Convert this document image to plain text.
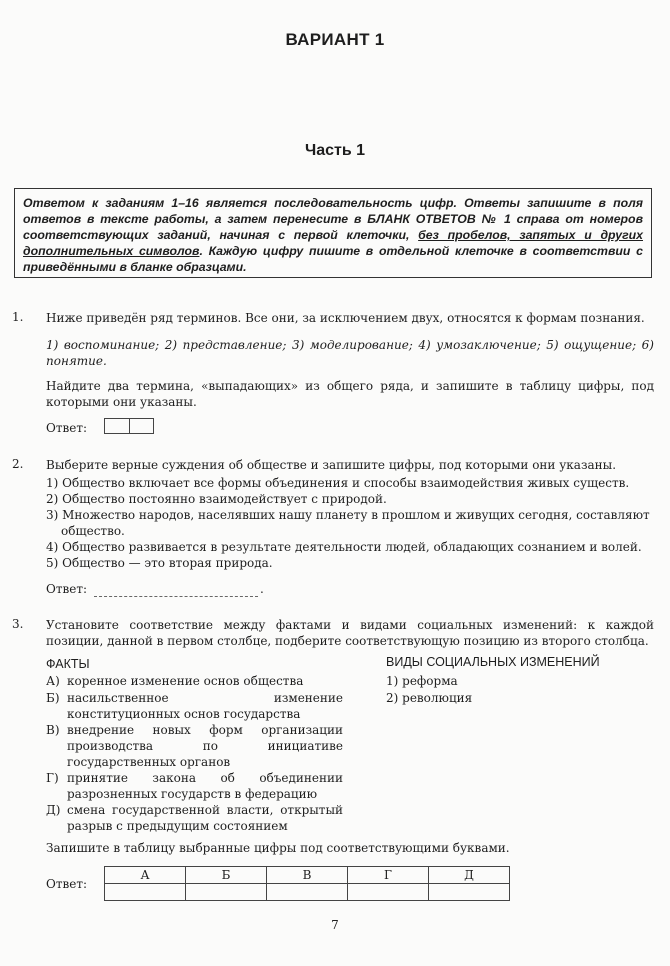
ВАРИАНТ 1
Часть 1
Ответом к заданиям 1–16 является последовательность цифр. Ответы запишите в поля ответов в тексте работы, а затем перенесите в БЛАНК ОТВЕТОВ № 1 справа от номеров соответствующих заданий, начиная с первой клеточки, без пробелов, запятых и других дополнительных символов. Каждую цифру пишите в отдельной клеточке в соответствии с приведёнными в бланке образцами.
1. Ниже приведён ряд терминов. Все они, за исключением двух, относятся к формам познания.
1) воспоминание; 2) представление; 3) моделирование; 4) умозаключение; 5) ощущение; 6) понятие.
Найдите два термина, «выпадающих» из общего ряда, и запишите в таблицу цифры, под которыми они указаны.
Ответ:
2. Выберите верные суждения об обществе и запишите цифры, под которыми они указаны.
1) Общество включает все формы объединения и способы взаимодействия живых существ.
2) Общество постоянно взаимодействует с природой.
3) Множество народов, населявших нашу планету в прошлом и живущих сегодня, составляют
общество.
4) Общество развивается в результате деятельности людей, обладающих сознанием и волей.
5) Общество — это вторая природа.
Ответ:	.
3. Установите соответствие между фактами и видами социальных изменений: к каждой позиции, данной в первом столбце, подберите соответствующую позицию из второго столбца.
ФАКТЫ	ВИДЫ СОЦИАЛЬНЫХ ИЗМЕНЕНИЙ
А) коренное изменение основ общества
Б) насильственное изменение конституционных основ государства
В) внедрение новых форм организации производства по инициативе государственных органов
Г) принятие закона об объединении разрозненных государств в федерацию
Д) смена государственной власти, открытый разрыв с предыдущим состоянием
1) реформа
2) революция
Запишите в таблицу выбранные цифры под соответствующими буквами.
Ответ:
А	Б	В	Г	Д

7
